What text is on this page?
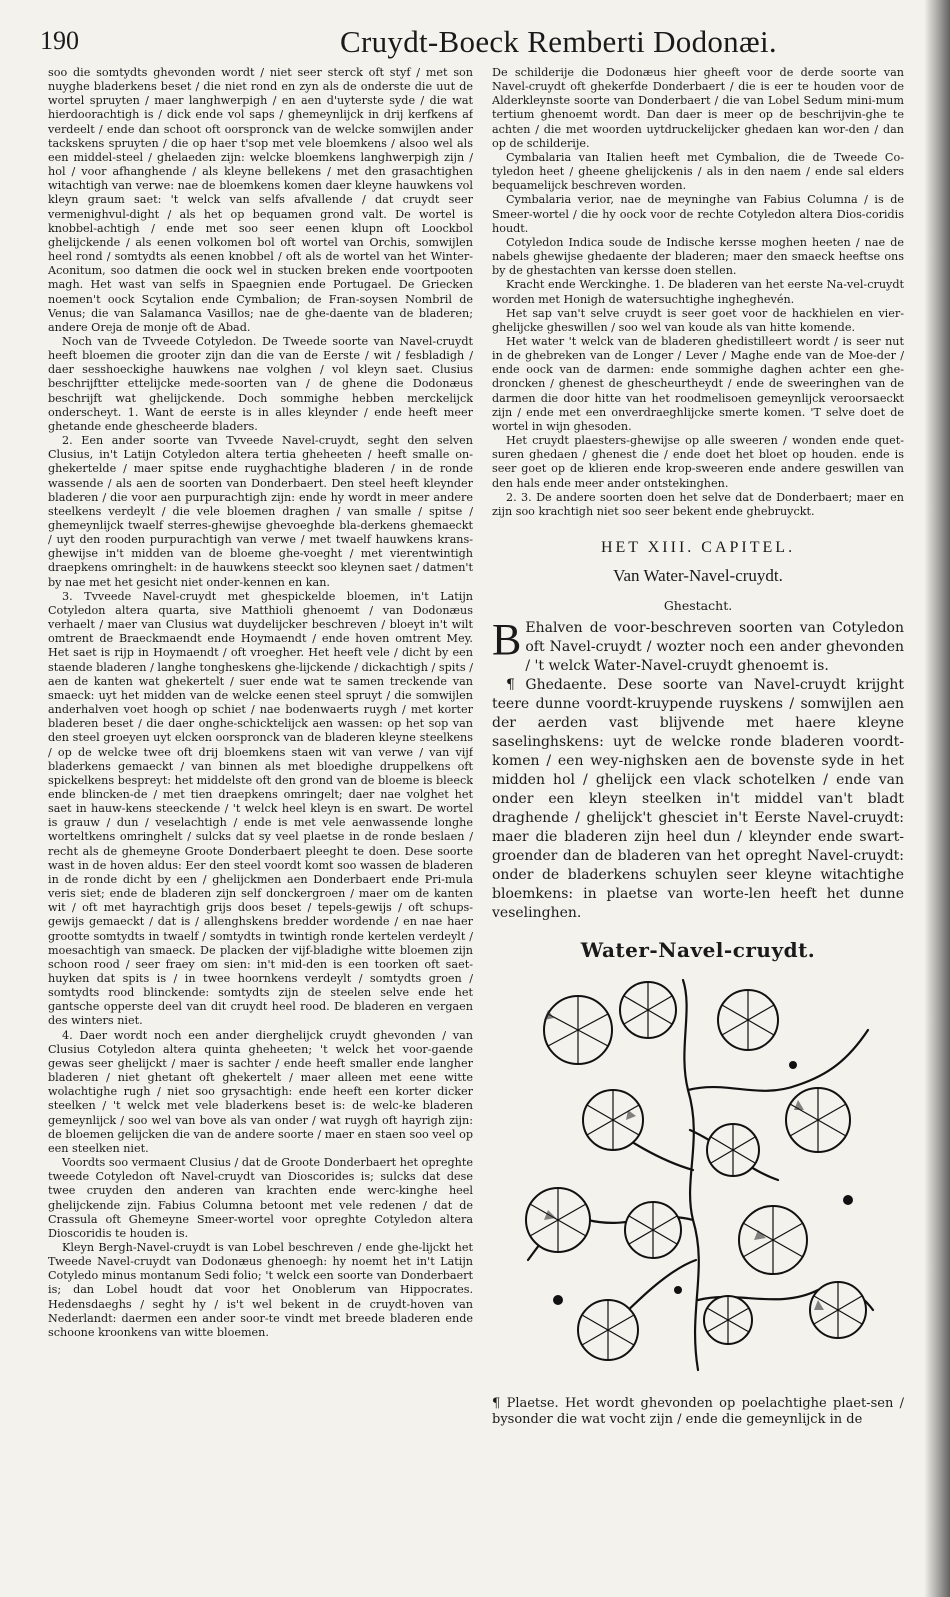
190	Cruydt-Boeck Remberti Dodonæi.

soo die somtydts ghevonden wordt / niet seer sterck oft styf / met son nuyghe bladerkens beset / die niet rond en zyn als de onderste die uut de wortel spruyten / maer langhwerpigh / en aen d'uyterste syde / die wat hierdoorachtigh is / dick ende vol saps / ghemeynlijck in drij kerfkens af verdeelt / ende dan schoot oft oorspronck van de welcke somwijlen ander tackskens spruyten / die op haer t'sop met vele bloemkens / alsoo wel als een middel-steel / ghelaeden zijn: welcke bloemkens langhwerpigh zijn / hol / voor afhanghende / als kleyne bellekens / met den grasachtighen witachtigh van verwe: nae de bloemkens komen daer kleyne hauwkens vol kleyn graum saet: 't welck van selfs afvallende / dat cruydt seer vermenighvul-dight / als het op bequamen grond valt. De wortel is knobbel-achtigh / ende met soo seer eenen klupn oft Loockbol ghelijckende / als eenen volkomen bol oft wortel van Orchis, somwijlen heel rond / somtydts als eenen knobbel / oft als de wortel van het Winter-Aconitum, soo datmen die oock wel in stucken breken ende voortpooten magh. Het wast van selfs in Spaegnien ende Portugael. De Griecken noemen't oock Scytalion ende Cymbalion; de Fran-soysen Nombril de Venus; die van Salamanca Vasillos; nae de ghe-daente van de bladeren; andere Oreja de monje oft de Abad.

Noch van de Tvveede Cotyledon. De Tweede soorte van Navel-cruydt heeft bloemen die grooter zijn dan die van de Eerste / wit / fesbladigh / daer sesshoeckighe hauwkens nae volghen / vol kleyn saet. Clusius beschrijftter ettelijcke mede-soorten van / de ghene die Dodonæus beschrijft wat ghelijckende. Doch sommighe hebben merckelijck onderscheyt. 1. Want de eerste is in alles kleynder / ende heeft meer ghetande ende ghescheerde bladers.

2. Een ander soorte van Tvveede Navel-cruydt, seght den selven Clusius, in't Latijn Cotyledon altera tertia gheheeten / heeft smalle on-ghekertelde / maer spitse ende ruyghachtighe bladeren / in de ronde wassende / als aen de soorten van Donderbaert. Den steel heeft kleynder bladeren / die voor aen purpurachtigh zijn: ende hy wordt in meer andere steelkens verdeylt / die vele bloemen draghen / van smalle / spitse / ghemeynlijck twaelf sterres-ghewijse ghevoeghde bla-derkens ghemaeckt / uyt den rooden purpurachtigh van verwe / met twaelf hauwkens krans-ghewijse in't midden van de bloeme ghe-voeght / met vierentwintigh draepkens omringhelt: in de hauwkens steeckt soo kleynen saet / datmen't by nae met het gesicht niet onder-kennen en kan.

3. Tvveede Navel-cruydt met ghespickelde bloemen, in't Latijn Cotyledon altera quarta, sive Matthioli ghenoemt / van Dodonæus verhaelt / maer van Clusius wat duydelijcker beschreven / bloeyt in't wilt omtrent de Braeckmaendt ende Hoymaendt / ende hoven omtrent Mey. Het saet is rijp in Hoymaendt / oft vroegher. Het heeft vele / dicht by een staende bladeren / langhe tongheskens ghe-lijckende / dickachtigh / spits / aen de kanten wat ghekertelt / suer ende wat te samen treckende van smaeck: uyt het midden van de welcke eenen steel spruyt / die somwijlen anderhalven voet hoogh op schiet / nae bodenwaerts ruygh / met korter bladeren beset / die daer onghe-schicktelijck aen wassen: op het sop van den steel groeyen uyt elcken oorspronck van de bladeren kleyne steelkens / op de welcke twee oft drij bloemkens staen wit van verwe / van vijf bladerkens gemaeckt / van binnen als met bloedighe druppelkens oft spickelkens bespreyt: het middelste oft den grond van de bloeme is bleeck ende blincken-de / met tien draepkens omringelt; daer nae volghet het saet in hauw-kens steeckende / 't welck heel kleyn is en swart. De wortel is grauw / dun / veselachtigh / ende is met vele aenwassende longhe worteltkens omringhelt / sulcks dat sy veel plaetse in de ronde beslaen / recht als de ghemeyne Groote Donderbaert pleeght te doen. Dese soorte wast in de hoven aldus: Eer den steel voordt komt soo wassen de bladeren in de ronde dicht by een / ghelijckmen aen Donderbaert ende Pri-mula veris siet; ende de bladeren zijn self donckergroen / maer om de kanten wit / oft met hayrachtigh grijs doos beset / tepels-gewijs / oft schups-gewijs gemaeckt / dat is / allenghskens bredder wordende / en nae haer grootte somtydts in twaelf / somtydts in twintigh ronde kertelen verdeylt / moesachtigh van smaeck. De placken der vijf-bladighe witte bloemen zijn schoon rood / seer fraey om sien: in't mid-den is een toorken oft saet-huyken dat spits is / in twee hoornkens verdeylt / somtydts groen / somtydts rood blinckende: somtydts zijn de steelen selve ende het gantsche opperste deel van dit cruydt heel rood. De bladeren en vergaen des winters niet.

4. Daer wordt noch een ander dierghelijck cruydt ghevonden / van Clusius Cotyledon altera quinta gheheeten; 't welck het voor-gaende gewas seer ghelijckt / maer is sachter / ende heeft smaller ende langher bladeren / niet ghetant oft ghekertelt / maer alleen met eene witte wolachtighe rugh / niet soo grysachtigh: ende heeft een korter dicker steelken / 't welck met vele bladerkens beset is: de welc-ke bladeren gemeynlijck / soo wel van bove als van onder / wat ruygh oft hayrigh zijn: de bloemen gelijcken die van de andere soorte / maer en staen soo veel op een steelken niet.

Voordts soo vermaent Clusius / dat de Groote Donderbaert het opreghte tweede Cotyledon oft Navel-cruydt van Dioscorides is; sulcks dat dese twee cruyden den anderen van krachten ende werc-kinghe heel ghelijckende zijn. Fabius Columna betoont met vele redenen / dat de Crassula oft Ghemeyne Smeer-wortel voor opreghte Cotyledon altera Dioscoridis te houden is.

Kleyn Bergh-Navel-cruydt is van Lobel beschreven / ende ghe-lijckt het Tweede Navel-cruydt van Dodonæus ghenoegh: hy noemt het in't Latijn Cotyledo minus montanum Sedi folio; 't welck een soorte van Donderbaert is; dan Lobel houdt dat voor het Onoblerum van Hippocrates. Hedensdaeghs / seght hy / is't wel bekent in de cruydt-hoven van Nederlandt: daermen een ander soor-te vindt met breede bladeren ende schoone kroonkens van witte bloemen.

De schilderije die Dodonæus hier gheeft voor de derde soorte van Navel-cruydt oft ghekerfde Donderbaert / die is eer te houden voor de Alderkleynste soorte van Donderbaert / die van Lobel Sedum mini-mum tertium ghenoemt wordt. Dan daer is meer op de beschrijvin-ghe te achten / die met woorden uytdruckelijcker ghedaen kan wor-den / dan op de schilderije.

Cymbalaria van Italien heeft met Cymbalion, die de Tweede Co-tyledon heet / gheene ghelijckenis / als in den naem / ende sal elders bequamelijck beschreven worden.

Cymbalaria verior, nae de meyninghe van Fabius Columna / is de Smeer-wortel / die hy oock voor de rechte Cotyledon altera Dios-coridis houdt.

Cotyledon Indica soude de Indische kersse moghen heeten / nae de nabels ghewijse ghedaente der bladeren; maer den smaeck heeftse ons by de ghestachten van kersse doen stellen.

Kracht ende Werckinghe. 1. De bladeren van het eerste Na-vel-cruydt worden met Honigh de watersuchtighe ingheghevén.

Het sap van't selve cruydt is seer goet voor de hackhielen en vier-ghelijcke gheswillen / soo wel van koude als van hitte komende.

Het water 't welck van de bladeren ghedistilleert wordt / is seer nut in de ghebreken van de Longer / Lever / Maghe ende van de Moe-der / ende oock van de darmen: ende sommighe daghen achter een ghe-droncken / ghenest de ghescheurtheydt / ende de sweeringhen van de darmen die door hitte van het roodmelisoen gemeynlijck veroorsaeckt zijn / ende met een onverdraeghlijcke smerte komen. 'T selve doet de wortel in wijn ghesoden.

Het cruydt plaesters-ghewijse op alle sweeren / wonden ende quet-suren ghedaen / ghenest die / ende doet het bloet op houden. ende is seer goet op de klieren ende krop-sweeren ende andere geswillen van den hals ende meer ander ontstekinghen.

2. 3. De andere soorten doen het selve dat de Donderbaert; maer en zijn soo krachtigh niet soo seer bekent ende ghebruyckt.

HET XIII. CAPITEL.
Van Water-Navel-cruydt.
Ghestacht.

B Ehalven de voor-beschreven soorten van Cotyledon oft Navel-cruydt / wozter noch een ander ghevonden / 't welck Water-Navel-cruydt ghenoemt is.

¶ Ghedaente. Dese soorte van Navel-cruydt krijght teere dunne voordt-kruypende ruyskens / somwijlen aen der aerden vast blijvende met haere kleyne saselinghskens: uyt de welcke ronde bladeren voordt-komen / een wey-nighsken aen de bovenste syde in het midden hol / ghelijck een vlack schotelken / ende van onder een kleyn steelken in't middel van't bladt draghende / ghelijck't ghesciet in't Eerste Navel-cruydt: maer die bladeren zijn heel dun / kleynder ende swart-groender dan de bladeren van het opreght Navel-cruydt: onder de bladerkens schuylen seer kleyne witachtighe bloemkens: in plaetse van worte-len heeft het dunne veselinghen.

Water-Navel-cruydt.

¶ Plaetse. Het wordt ghevonden op poelachtighe plaet-sen / bysonder die wat vocht zijn / ende die gemeynlijck in de
